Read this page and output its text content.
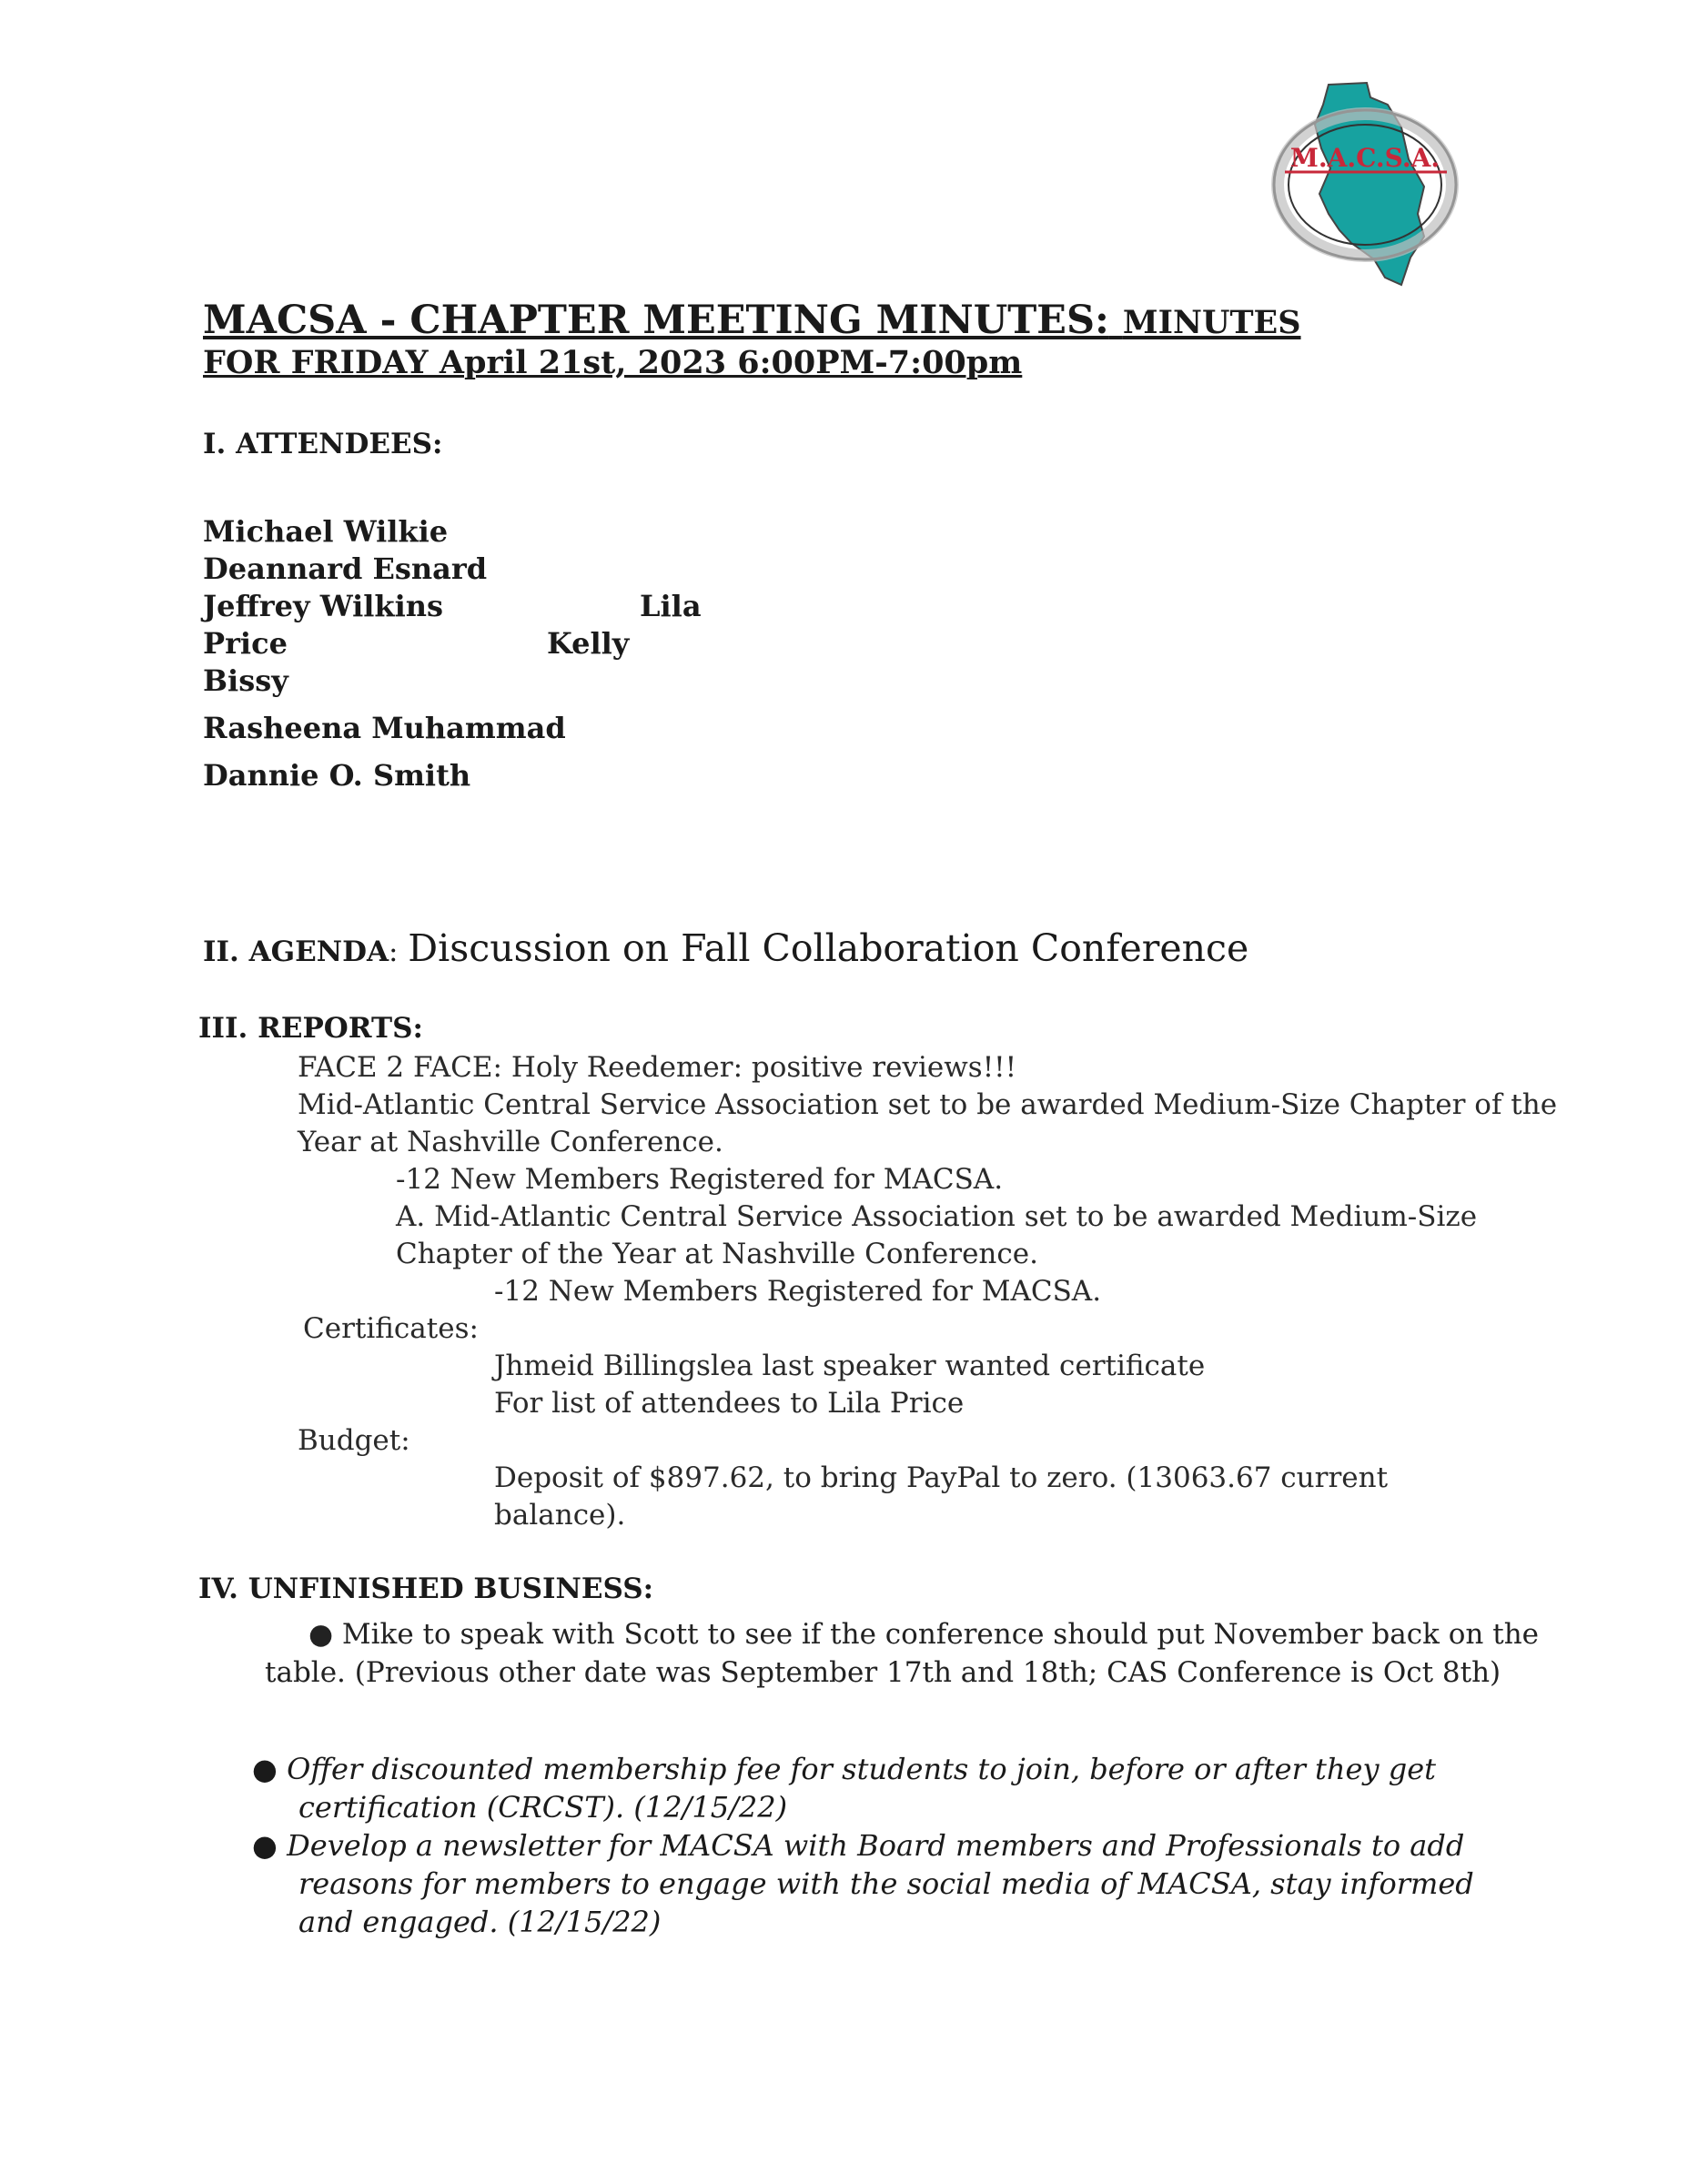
M.A.C.S.A.
MACSA - CHAPTER MEETING MINUTES: MINUTES
FOR FRIDAY April 21st, 2023 6:00PM-7:00pm
I. ATTENDEES:
Michael Wilkie
Deannard Esnard
Jeffrey Wilkins	Lila
Price	Kelly
Bissy
Rasheena Muhammad
Dannie O. Smith
II. AGENDA: Discussion on Fall Collaboration Conference
III. REPORTS:
FACE 2 FACE: Holy Reedemer: positive reviews!!!
Mid-Atlantic Central Service Association set to be awarded Medium-Size Chapter of the
Year at Nashville Conference.
-12 New Members Registered for MACSA.
A. Mid-Atlantic Central Service Association set to be awarded Medium-Size
Chapter of the Year at Nashville Conference.
-12 New Members Registered for MACSA.
Certificates:
Jhmeid Billingslea last speaker wanted certificate
For list of attendees to Lila Price
Budget:
Deposit of $897.62, to bring PayPal to zero. (13063.67 current
balance).
IV. UNFINISHED BUSINESS:
● Mike to speak with Scott to see if the conference should put November back on the
table. (Previous other date was September 17th and 18th; CAS Conference is Oct 8th)
● Offer discounted membership fee for students to join, before or after they get
certification (CRCST). (12/15/22)
● Develop a newsletter for MACSA with Board members and Professionals to add
reasons for members to engage with the social media of MACSA, stay informed
and engaged. (12/15/22)
